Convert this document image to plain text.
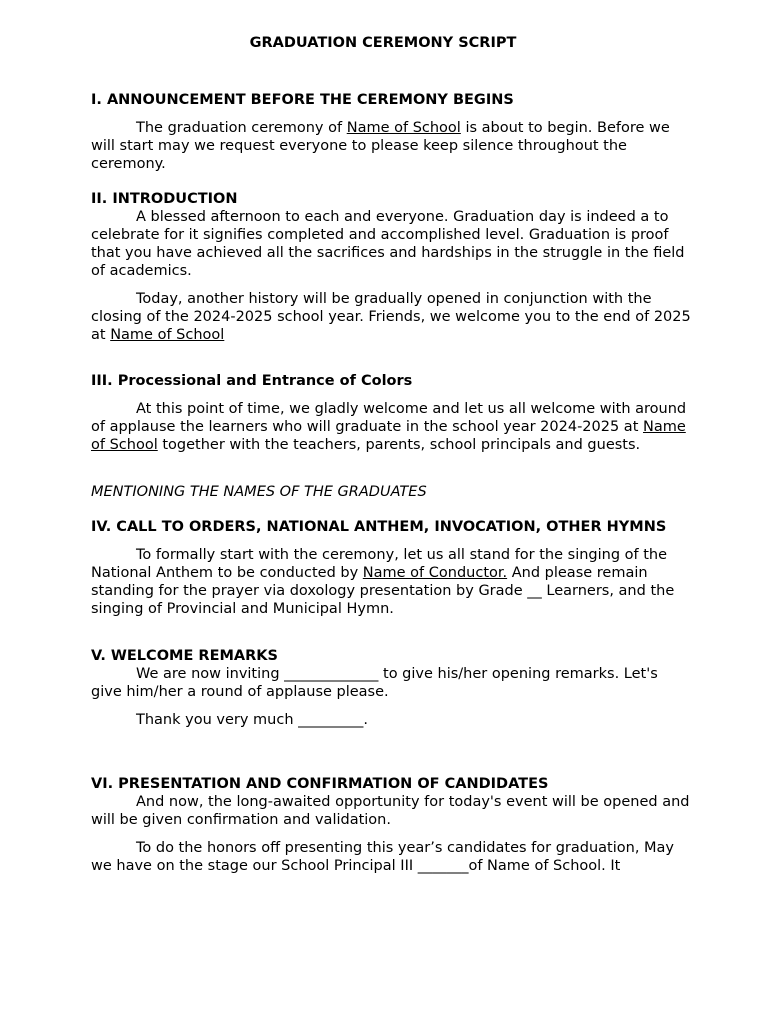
GRADUATION CEREMONY SCRIPT
I. ANNOUNCEMENT BEFORE THE CEREMONY BEGINS

The graduation ceremony of Name of School is about to begin. Before we will start may we request everyone to please keep silence throughout the ceremony.

II. INTRODUCTION

A blessed afternoon to each and everyone. Graduation day is indeed a to celebrate for it signifies completed and accomplished level. Graduation is proof that you have achieved all the sacrifices and hardships in the struggle in the field of academics.

Today, another history will be gradually opened in conjunction with the closing of the 2024-2025 school year. Friends, we welcome you to the end of 2025 at Name of School

III. Processional and Entrance of Colors

At this point of time, we gladly welcome and let us all welcome with around of applause the learners who will graduate in the school year 2024-2025 at Name of School together with the teachers, parents, school principals and guests.

MENTIONING THE NAMES OF THE GRADUATES

IV. CALL TO ORDERS, NATIONAL ANTHEM, INVOCATION, OTHER HYMNS

To formally start with the ceremony, let us all stand for the singing of the National Anthem to be conducted by Name of Conductor. And please remain standing for the prayer via doxology presentation by Grade __ Learners, and the singing of Provincial and Municipal Hymn.

V. WELCOME REMARKS

We are now inviting _____________ to give his/her opening remarks. Let's give him/her a round of applause please.

Thank you very much _________.

VI. PRESENTATION AND CONFIRMATION OF CANDIDATES

And now, the long-awaited opportunity for today's event will be opened and will be given confirmation and validation.

To do the honors off presenting this year’s candidates for graduation, May we have on the stage our School Principal III _______of Name of School. It
